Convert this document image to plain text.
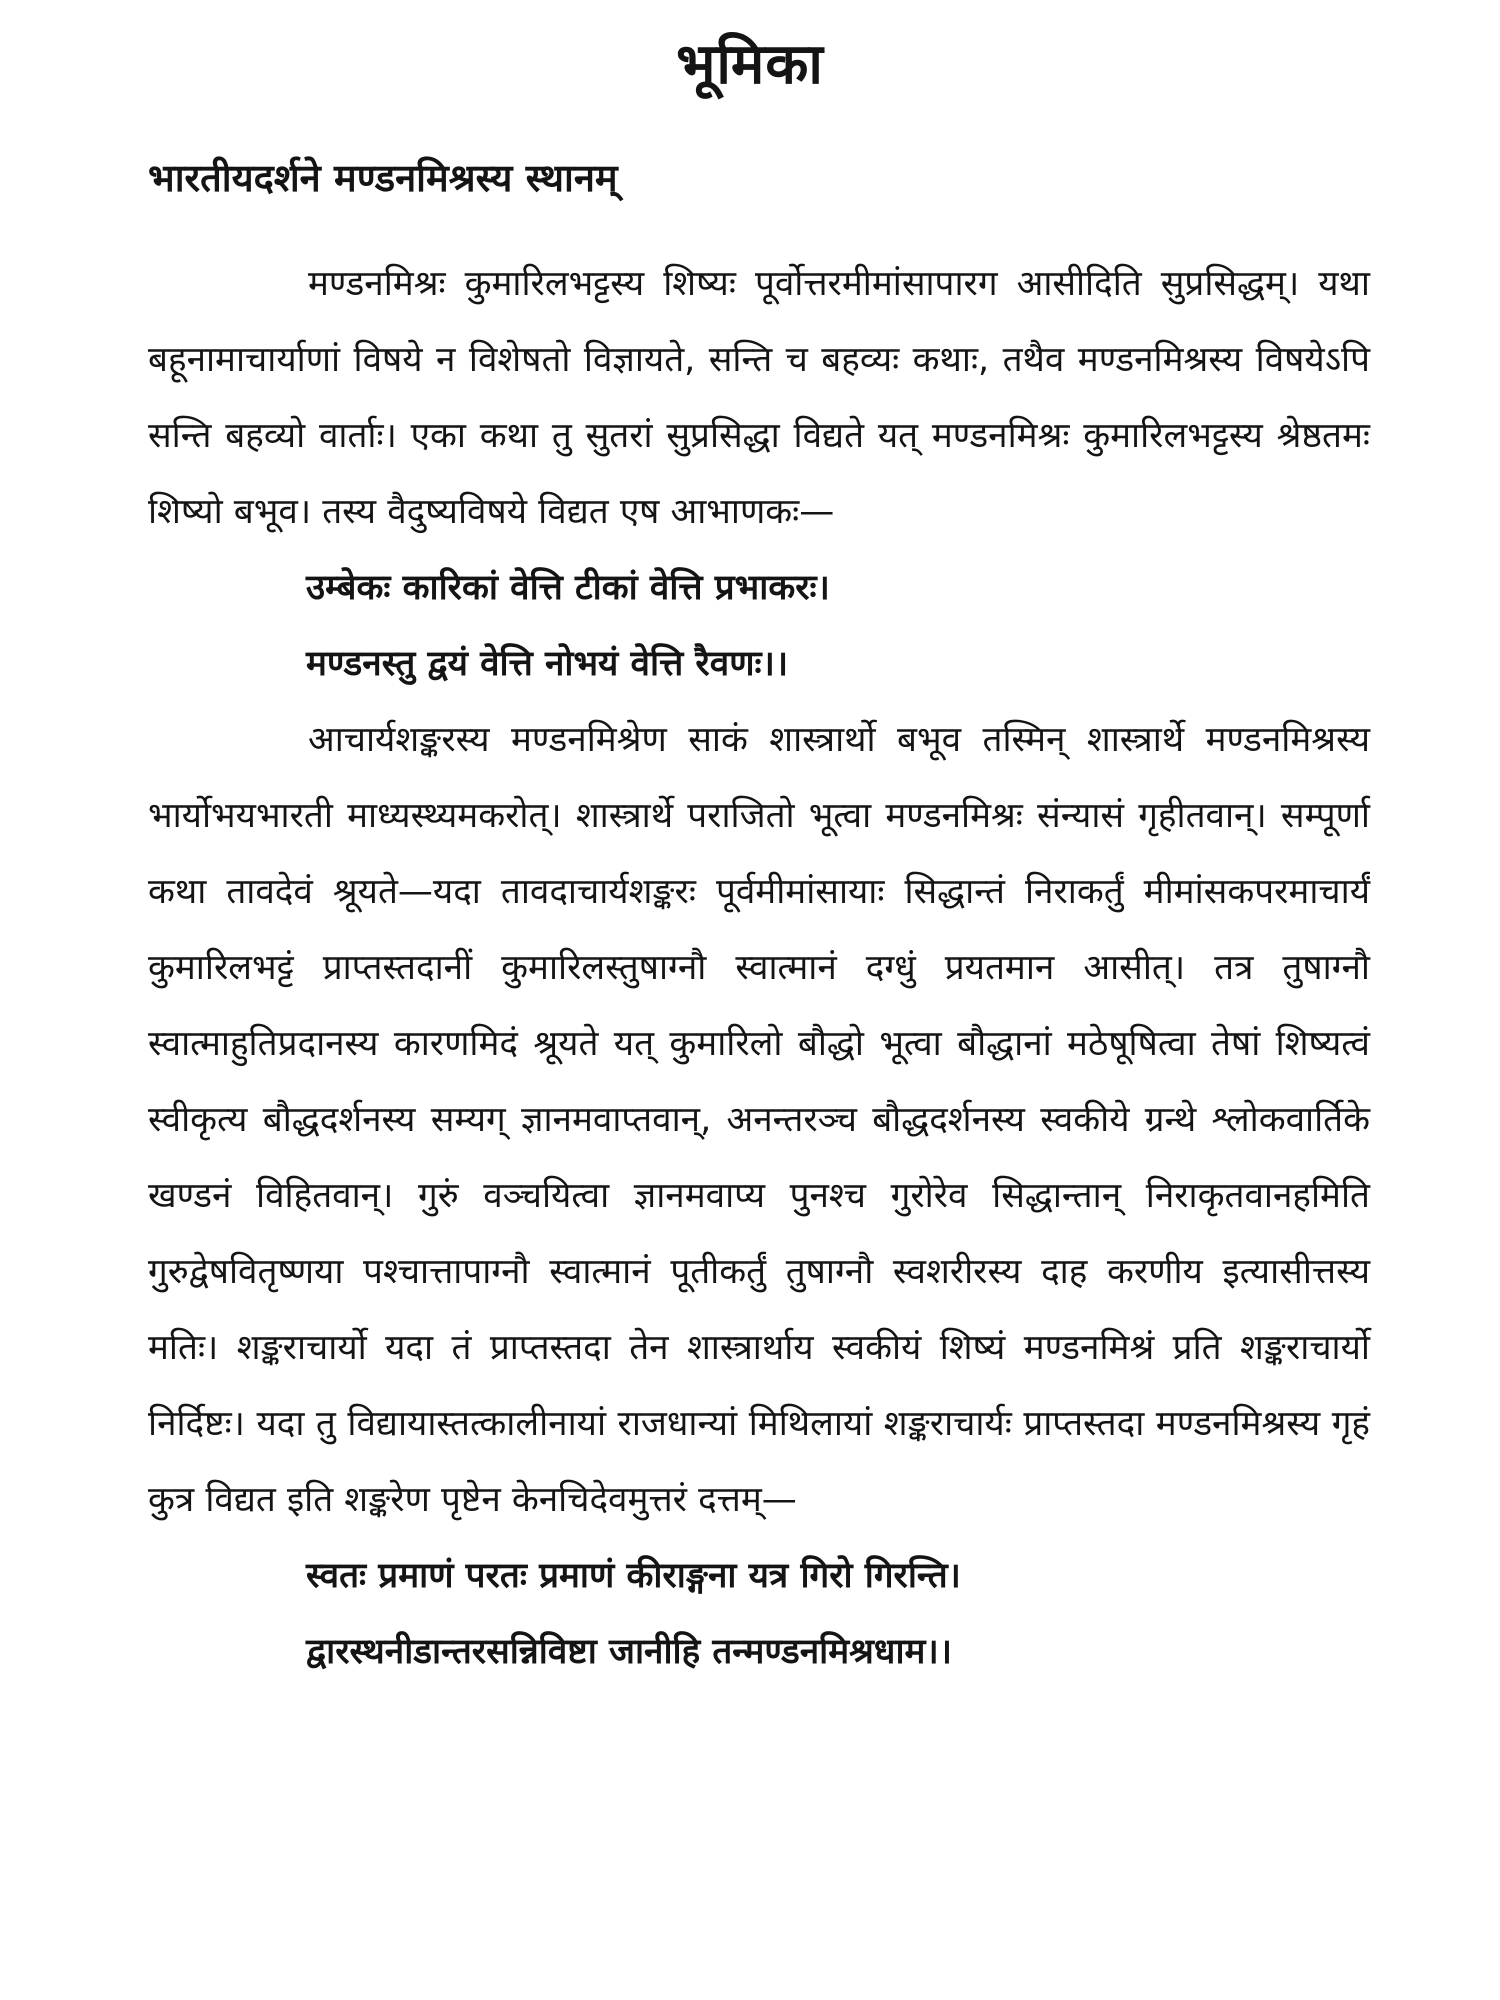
भूमिका
भारतीयदर्शने मण्डनमिश्रस्य स्थानम्

मण्डनमिश्रः कुमारिलभट्टस्य शिष्यः पूर्वोत्तरमीमांसापारग आसीदिति सुप्रसिद्धम्। यथा बहूनामाचार्याणां विषये न विशेषतो विज्ञायते, सन्ति च बहव्यः कथाः, तथैव मण्डनमिश्रस्य विषयेऽपि सन्ति बहव्यो वार्ताः। एका कथा तु सुतरां सुप्रसिद्धा विद्यते यत् मण्डनमिश्रः कुमारिलभट्टस्य श्रेष्ठतमः शिष्यो बभूव। तस्य वैदुष्यविषये विद्यत एष आभाणकः—

उम्बेकः कारिकां वेत्ति टीकां वेत्ति प्रभाकरः।

मण्डनस्तु द्वयं वेत्ति नोभयं वेत्ति रैवणः।।

आचार्यशङ्करस्य मण्डनमिश्रेण साकं शास्त्रार्थो बभूव तस्मिन् शास्त्रार्थे मण्डनमिश्रस्य भार्योभयभारती माध्यस्थ्यमकरोत्। शास्त्रार्थे पराजितो भूत्वा मण्डनमिश्रः संन्यासं गृहीतवान्। सम्पूर्णा कथा तावदेवं श्रूयते—यदा तावदाचार्यशङ्करः पूर्वमीमांसायाः सिद्धान्तं निराकर्तुं मीमांसकपरमाचार्यं कुमारिलभट्टं प्राप्तस्तदानीं कुमारिलस्तुषाग्नौ स्वात्मानं दग्धुं प्रयतमान आसीत्। तत्र तुषाग्नौ स्वात्माहुतिप्रदानस्य कारणमिदं श्रूयते यत् कुमारिलो बौद्धो भूत्वा बौद्धानां मठेषूषित्वा तेषां शिष्यत्वं स्वीकृत्य बौद्धदर्शनस्य सम्यग् ज्ञानमवाप्तवान्, अनन्तरञ्च बौद्धदर्शनस्य स्वकीये ग्रन्थे श्लोकवार्तिके खण्डनं विहितवान्। गुरुं वञ्चयित्वा ज्ञानमवाप्य पुनश्च गुरोरेव सिद्धान्तान् निराकृतवानहमिति गुरुद्वेषवितृष्णया पश्चात्तापाग्नौ स्वात्मानं पूतीकर्तुं तुषाग्नौ स्वशरीरस्य दाह करणीय इत्यासीत्तस्य मतिः। शङ्कराचार्यो यदा तं प्राप्तस्तदा तेन शास्त्रार्थाय स्वकीयं शिष्यं मण्डनमिश्रं प्रति शङ्कराचार्यो निर्दिष्टः। यदा तु विद्यायास्तत्कालीनायां राजधान्यां मिथिलायां शङ्कराचार्यः प्राप्तस्तदा मण्डनमिश्रस्य गृहं कुत्र विद्यत इति शङ्करेण पृष्टेन केनचिदेवमुत्तरं दत्तम्—

स्वतः प्रमाणं परतः प्रमाणं कीराङ्गना यत्र गिरो गिरन्ति।

द्वारस्थनीडान्तरसन्निविष्टा जानीहि तन्मण्डनमिश्रधाम।।
